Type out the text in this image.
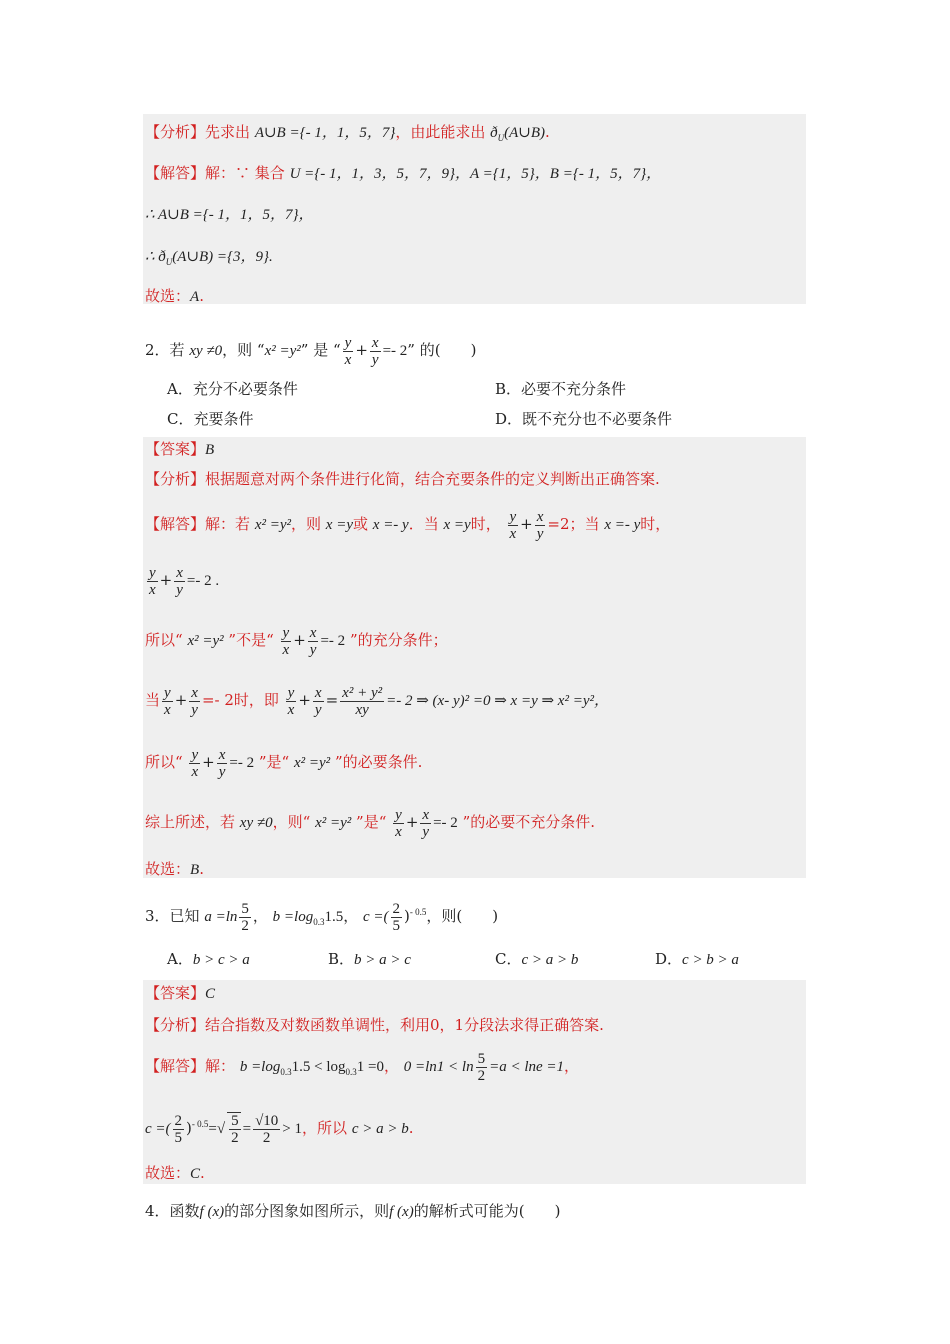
【分析】先求出 A∪B ={- 1，1，5，7}，由此能求出 $ð_U(A\cup B)$.
【解答】解：∵ 集合 U ={- 1，1，3，5，7，9}，A ={1，5}，B ={- 1，5，7}，
∴ A∪B ={- 1，1，5，7}，
∴ $ð_U(A\cup B) =\{3$，9}.
故选：A.
2．若 xy ≠0，则 “x² =y²” 是 “ $\frac{y}{x} + \frac{x}{y} =- 2$” 的(　　)
A．充分不必要条件	B．必要不充分条件
C．充要条件	D．既不充分也不必要条件
【答案】B
【分析】根据题意对两个条件进行化简，结合充要条件的定义判断出正确答案.
【解答】解：若 x² =y²，则 x =y或 x =- y．当 x =y时， $\frac{y}{x} + \frac{x}{y} =2$；当 x =- y时，
$\frac{y}{x} + \frac{x}{y} =- 2$ .
所以“ x² =y² ”不是“ $\frac{y}{x} + \frac{x}{y} =- 2$ ”的充分条件；
当 $\frac{y}{x} + \frac{x}{y} =- 2$时，即 $\frac{y}{x} + \frac{x}{y} = \frac{\text{x² + y²}}{xy} =- 2$ ⇒ (x- y)² =0 ⇒ x =y ⇒ x² =y²，
所以“ $\frac{y}{x} + \frac{x}{y} =- 2$ ”是“ x² =y² ”的必要条件.
综上所述，若 xy ≠0，则“ x² =y² ”是“ $\frac{y}{x} + \frac{x}{y} =- 2$ ”的必要不充分条件.
故选：B.
3．已知 $a =\ln \frac{5}{2}$ ， $b =\log_{0.3}1.5$， c =( $\frac{2}{5} )^{- 0.5}$，则(　　)
A．b > c > a	B．b > a > c	C．c > a > b	D．c > b > a
【答案】C
【分析】结合指数及对数函数单调性，利用0，1分段法求得正确答案.
【解答】解： $b =\log_{0.3}1.5 < \log_{0.3}1 =0$， $0 =\ln 1 < \ln \frac{5}{2} =a < \ln e =1$，
c =( $\frac{2}{5} )^{- 0.5}=√ \frac{5}{2} = \frac{√10}{2} > 1$，所以 c > a > b.
故选：C.
4．函数f (x)的部分图象如图所示，则f (x)的解析式可能为(　　)
